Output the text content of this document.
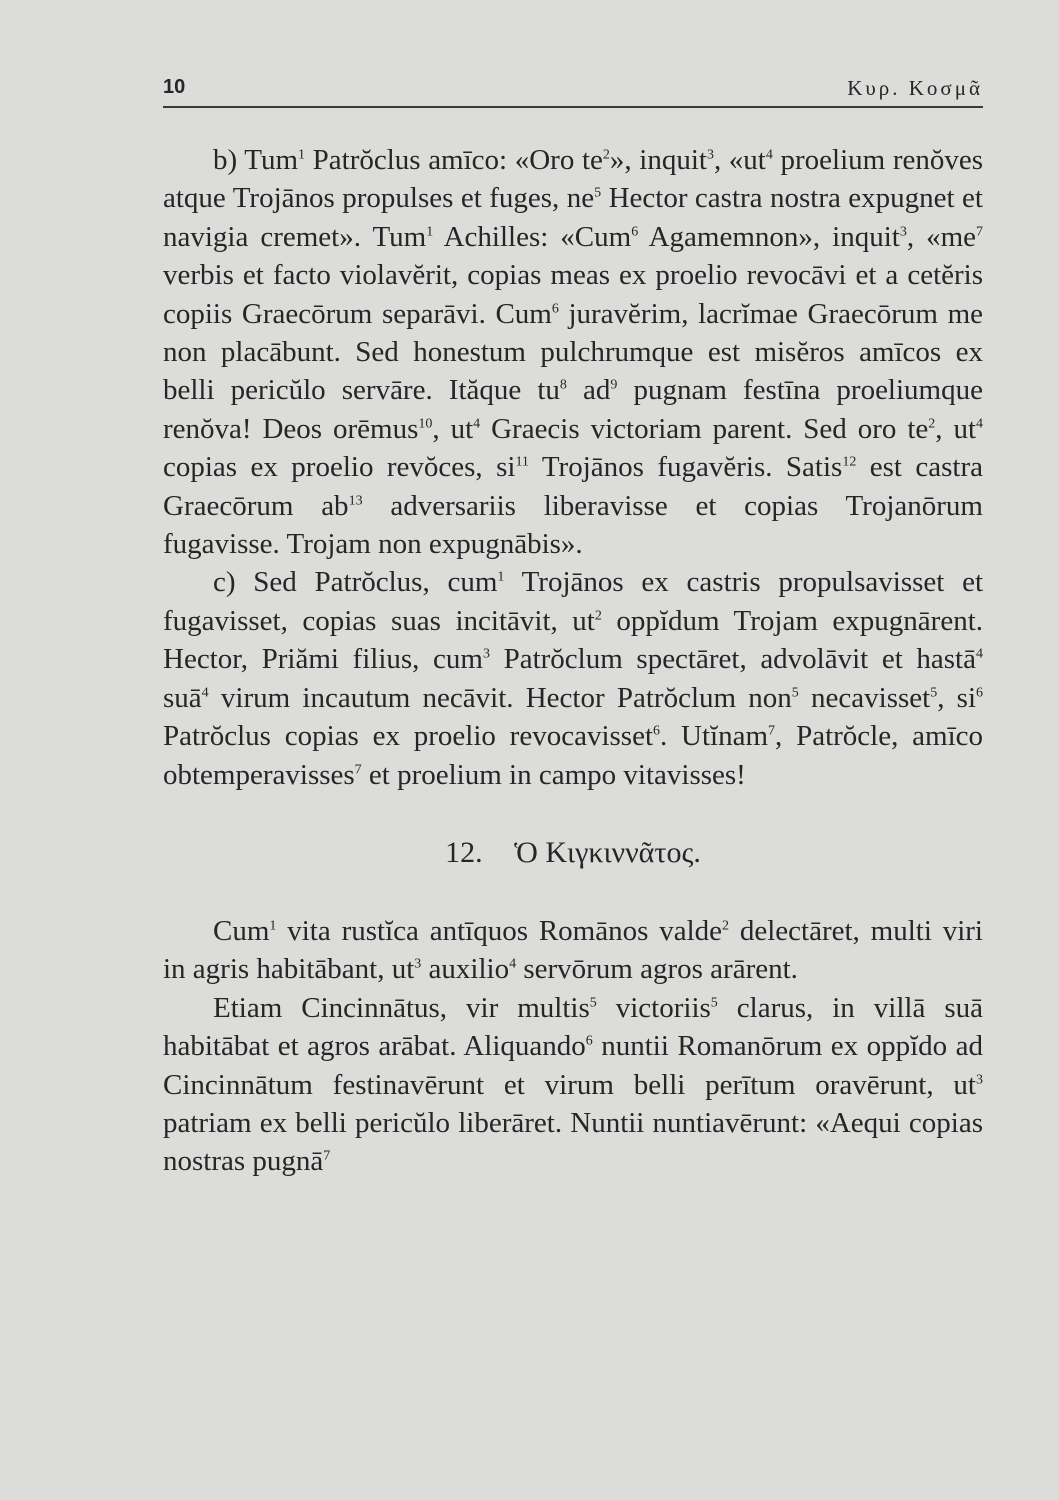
10	Κυρ. Κοσμᾶ

b) Tum$^1$ Patrŏclus amīco: «Oro $te^2$», inquit$^3$, «$ut^4$ proelium renŏves atque Trojānos propulses et fuges, $ne^5$ Hector castra nostra expugnet et navigia cremet». Tum$^1$ Achilles: «Cum$^6$ Agamemnon», inquit$^3$, «$me^7$ verbis et facto violavĕrit, copias meas ex proelio revocāvi et a cetĕris copiis Graecōrum separāvi. Cum$^6$ juravĕrim, lacrĭmae Graecōrum me non placābunt. Sed honestum pulchrumque est misĕros amīcos ex belli pericŭlo servāre. Ităque $tu^8$ $ad^9$ pugnam festīna proeliumque renŏva! Deos orēmus$^{10}$, $ut^4$ Graecis victoriam parent. Sed oro $te^2$, $ut^4$ copias ex proelio revŏces, $si^{11}$ Trojānos fugavĕris. Satis$^{12}$ est castra Graecōrum $ab^{13}$ adversariis liberavisse et copias Trojanōrum fugavisse. Trojam non expugnābis».

c) Sed Patrŏclus, cum$^1$ Trojānos ex castris propulsavisset et fugavisset, copias suas incitāvit, $ut^2$ oppĭdum Trojam expugnārent. Hector, Priămi filius, cum$^3$ Patrŏclum spectāret, advolāvit et hastā$^4$ suā$^4$ virum incautum necāvit. Hector Patrŏclum non$^5$ necavisset$^5$, $si^6$ Patrŏclus copias ex proelio revocavisset$^6$. Utĭnam$^7$, Patrŏcle, amīco obtemperavisses$^7$ et proelium in campo vitavisses!

12. Ὁ Κιγκιννᾶτος.

Cum$^1$ vita rustĭca antīquos Romānos valde$^2$ delectāret, multi viri in agris habitābant, $ut^3$ auxilio$^4$ servōrum agros arārent.

Etiam Cincinnātus, vir multis$^5$ victoriis$^5$ clarus, in villā suā habitābat et agros arābat. Aliquando$^6$ nuntii Romanōrum ex oppĭdo ad Cincinnātum festinavērunt et virum belli perītum oravērunt, $ut^3$ patriam ex belli pericŭlo liberāret. Nuntii nuntiavērunt: «Aequi copias nostras pugnā$^7$
